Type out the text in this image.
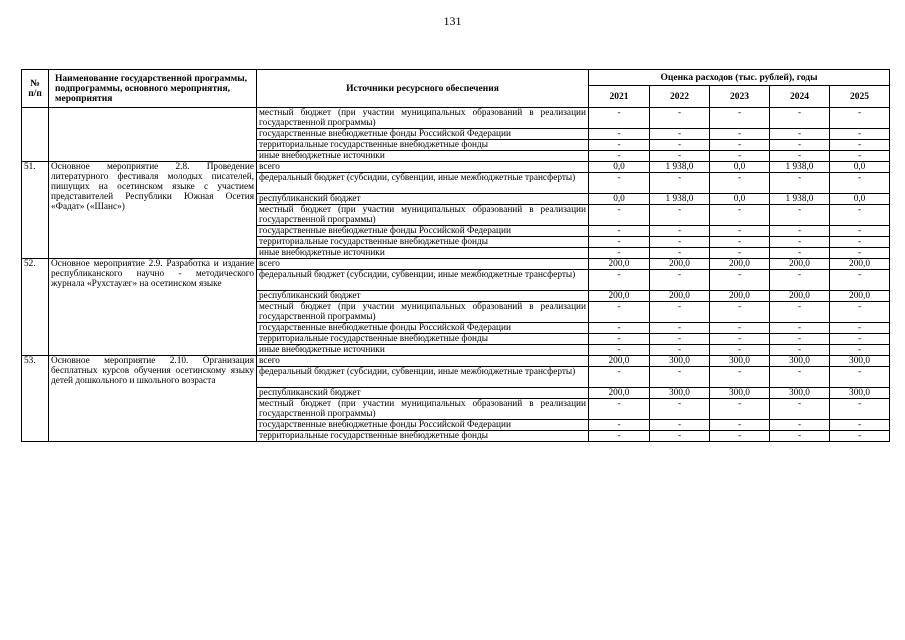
131
№
п/п	Наименование государственной программы, подпрограммы, основного мероприятия, мероприятия	Источники ресурсного обеспечения	Оценка расходов (тыс. рублей), годы				
			2021	2022	2023	2024	2025
		местный бюджет (при участии муниципальных образований в реализации государственной программы)	-	-	-	-	-
		государственные внебюджетные фонды Российской Федерации	-	-	-	-	-
		территориальные государственные внебюджетные фонды	-	-	-	-	-
		иные внебюджетные источники	-	-	-	-	-
51.	Основное мероприятие 2.8. Проведение литературного фестиваля молодых писателей, пишущих на осетинском языке с участием представителей Республики Южная Осетия «Фадат» («Шанс»)	всего	0,0	1 938,0	0,0	1 938,0	0,0
		федеральный бюджет (субсидии, субвенции, иные межбюджетные трансферты)	-	-	-	-	-
		республиканский бюджет	0,0	1 938,0	0,0	1 938,0	0,0
		местный бюджет (при участии муниципальных образований в реализации государственной программы)	-	-	-	-	-
		государственные внебюджетные фонды Российской Федерации	-	-	-	-	-
		территориальные государственные внебюджетные фонды	-	-	-	-	-
		иные внебюджетные источники	-	-	-	-	-
52.	Основное мероприятие 2.9. Разработка и издание республиканского научно - методического журнала «Рухстауæг» на осетинском языке	всего	200,0	200,0	200,0	200,0	200,0
		федеральный бюджет (субсидии, субвенции, иные межбюджетные трансферты)	-	-	-	-	-
		республиканский бюджет	200,0	200,0	200,0	200,0	200,0
		местный бюджет (при участии муниципальных образований в реализации государственной программы)	-	-	-	-	-
		государственные внебюджетные фонды Российской Федерации	-	-	-	-	-
		территориальные государственные внебюджетные фонды	-	-	-	-	-
		иные внебюджетные источники	-	-	-	-	-
53.	Основное мероприятие 2.10. Организация бесплатных курсов обучения осетинскому языку детей дошкольного и школьного возраста	всего	200,0	300,0	300,0	300,0	300,0
		федеральный бюджет (субсидии, субвенции, иные межбюджетные трансферты)	-	-	-	-	-
		республиканский бюджет	200,0	300,0	300,0	300,0	300,0
		местный бюджет (при участии муниципальных образований в реализации государственной программы)	-	-	-	-	-
		государственные внебюджетные фонды Российской Федерации	-	-	-	-	-
		территориальные государственные внебюджетные фонды	-	-	-	-	-
